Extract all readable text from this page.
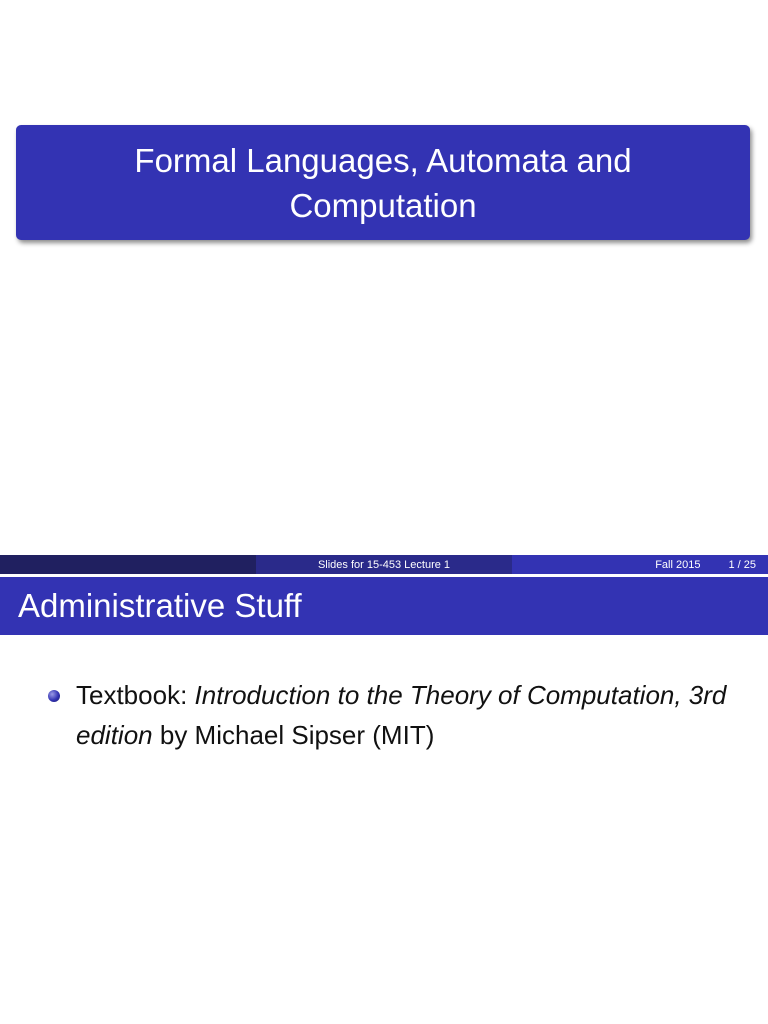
Formal Languages, Automata and Computation
Slides for 15-453 Lecture 1	Fall 2015	1 / 25
Administrative Stuff
Textbook: Introduction to the Theory of Computation, 3rd edition by Michael Sipser (MIT)
